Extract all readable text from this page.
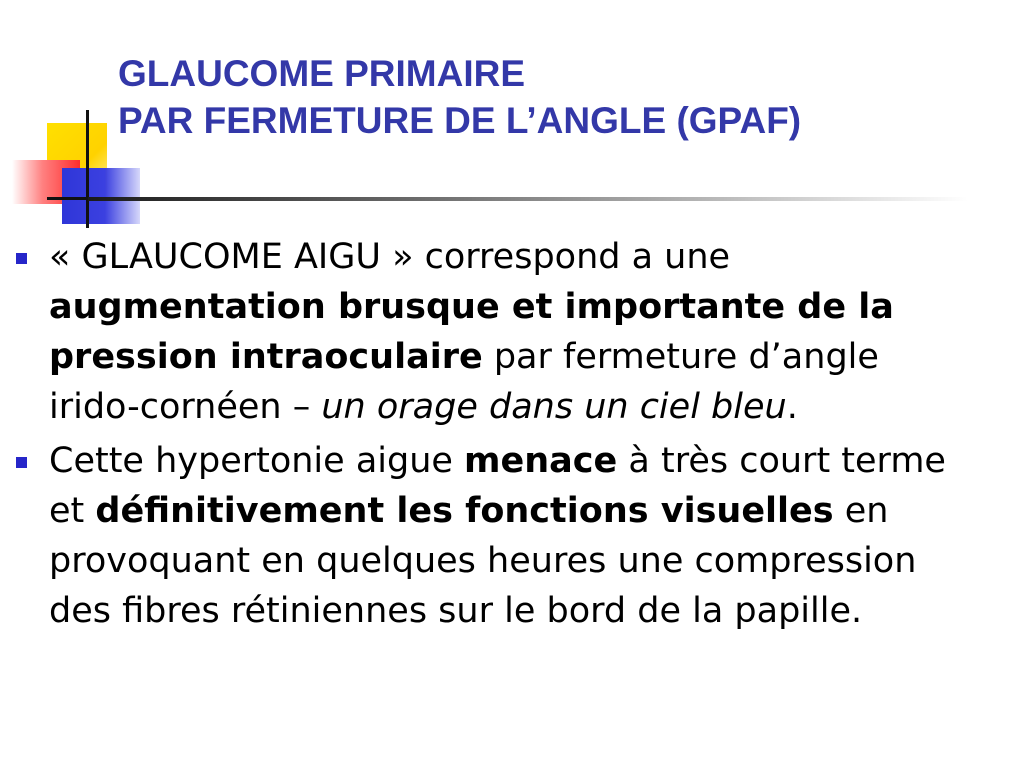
GLAUCOME PRIMAIRE
PAR FERMETURE DE L’ANGLE (GPAF)
« GLAUCOME AIGU » correspond a une augmentation brusque et importante de la pression intraoculaire par fermeture d’angle irido-cornéen – un orage dans un ciel bleu.
Cette hypertonie aigue menace à très court terme et définitivement les fonctions visuelles en provoquant en quelques heures une compression des fibres rétiniennes sur le bord de la papille.
